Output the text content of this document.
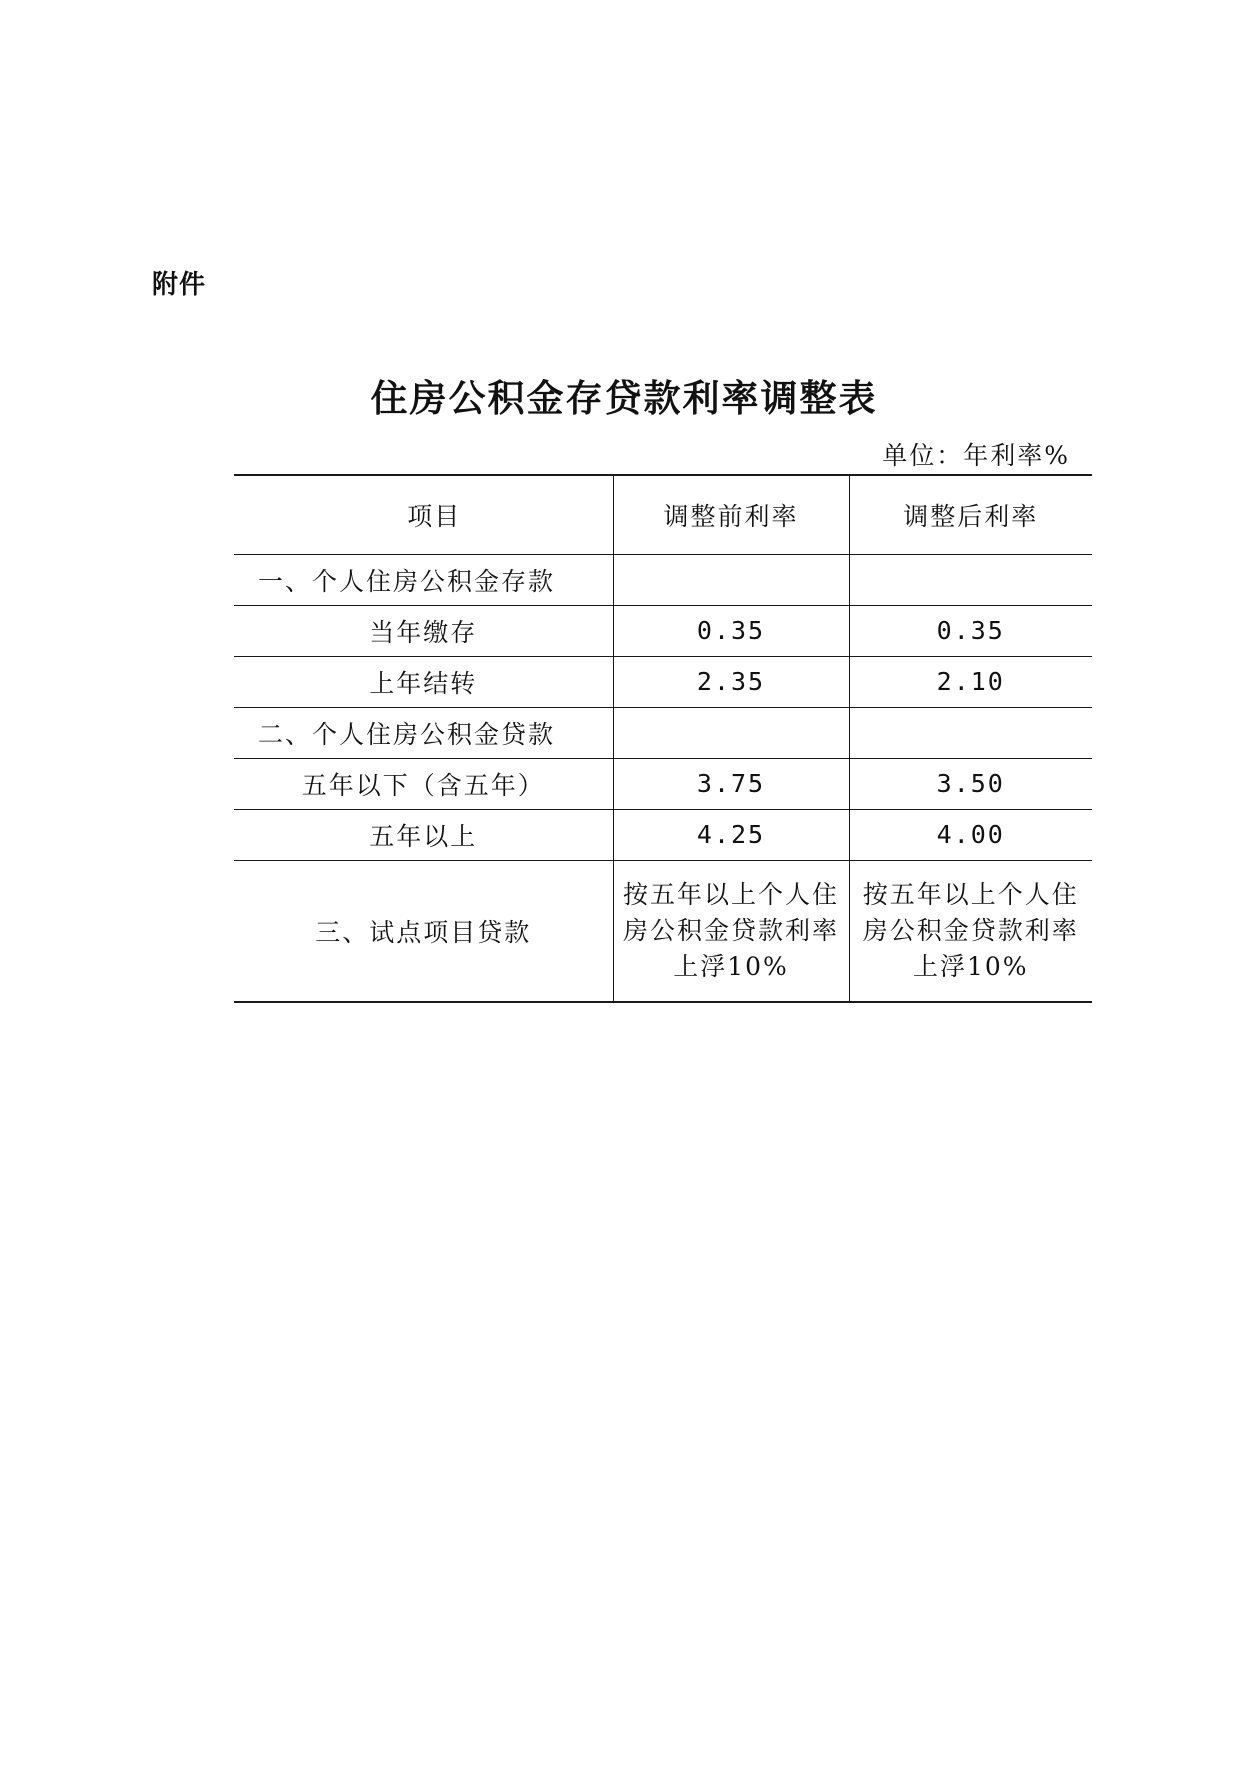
附件
住房公积金存贷款利率调整表
单位：年利率%
项目	调整前利率	调整后利率
一、个人住房公积金存款		
当年缴存	0.35	0.35
上年结转	2.35	2.10
二、个人住房公积金贷款		
五年以下（含五年）	3.75	3.50
五年以上	4.25	4.00
三、试点项目贷款	按五年以上个人住房公积金贷款利率上浮10%	按五年以上个人住房公积金贷款利率上浮10%
